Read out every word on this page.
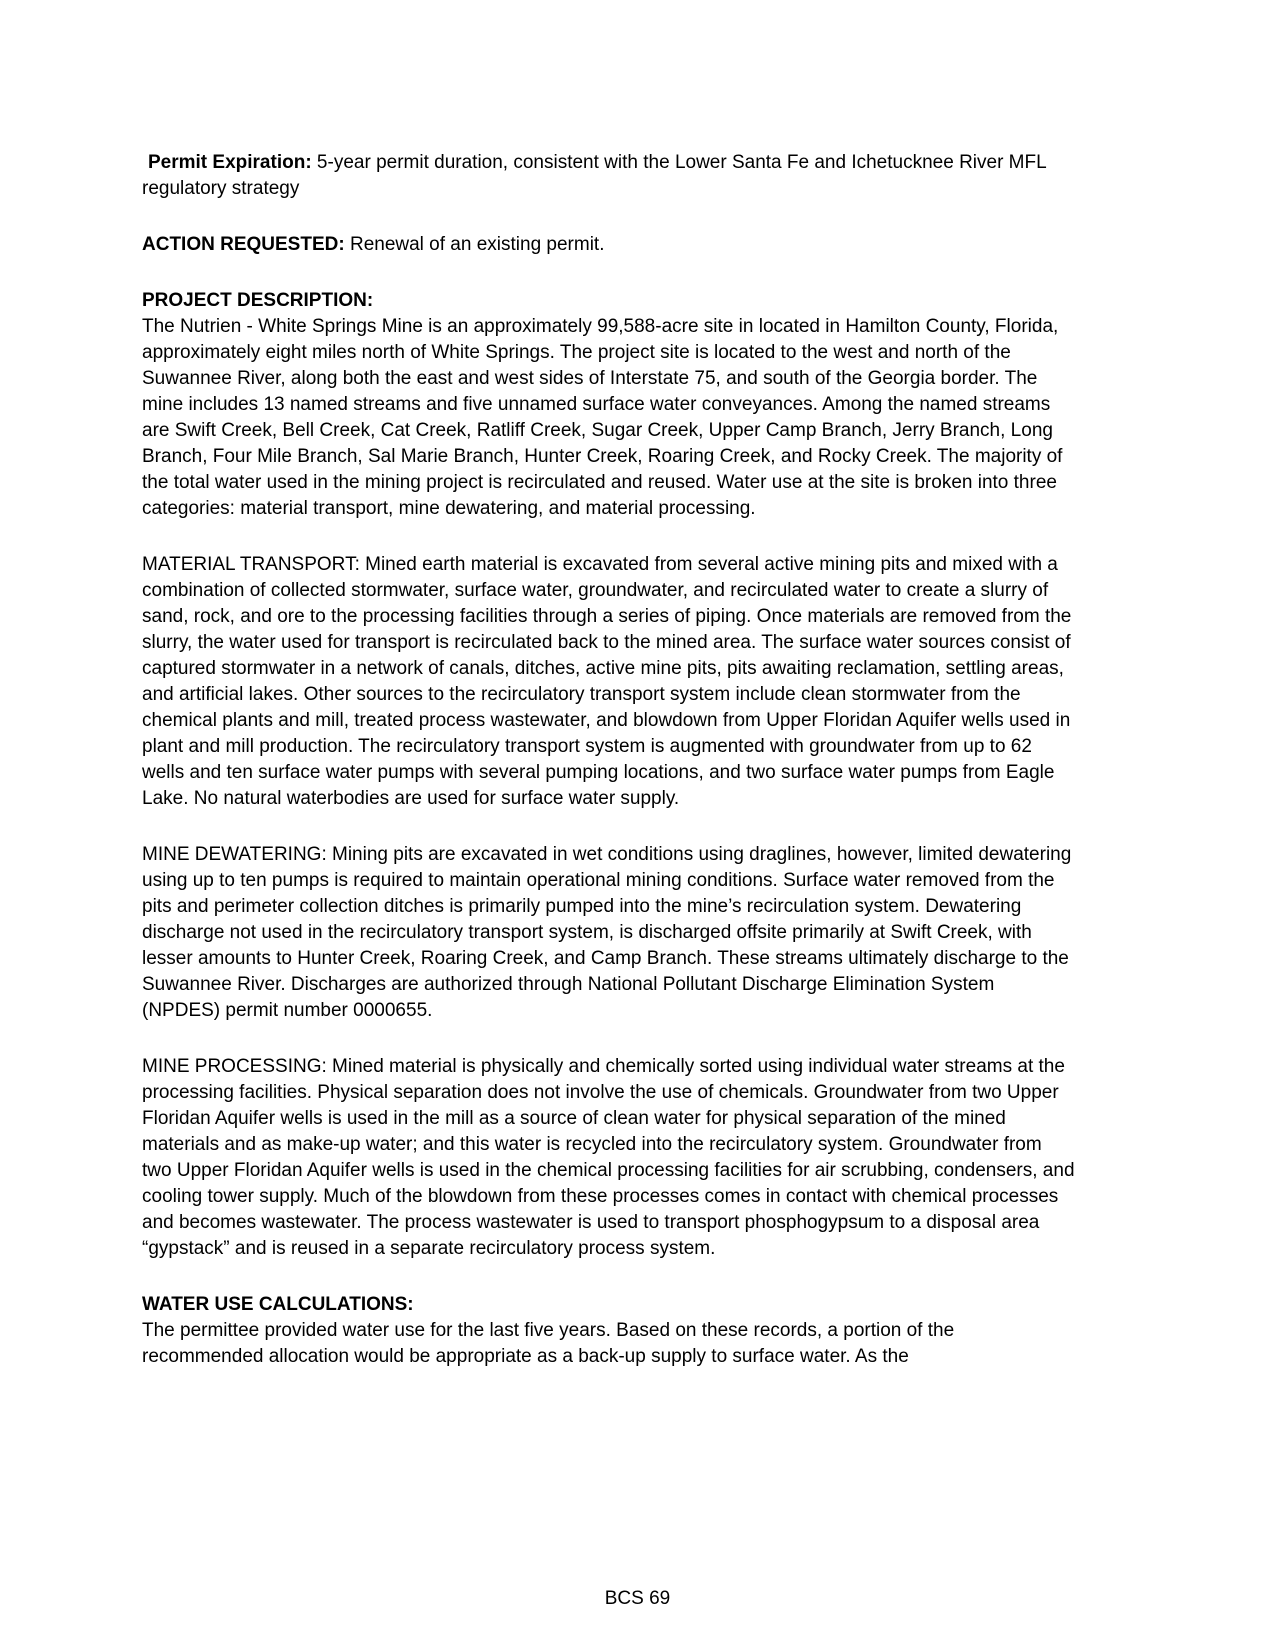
Permit Expiration: 5-year permit duration, consistent with the Lower Santa Fe and Ichetucknee River MFL regulatory strategy

ACTION REQUESTED: Renewal of an existing permit.

PROJECT DESCRIPTION:

The Nutrien - White Springs Mine is an approximately 99,588-acre site in located in Hamilton County, Florida, approximately eight miles north of White Springs. The project site is located to the west and north of the Suwannee River, along both the east and west sides of Interstate 75, and south of the Georgia border. The mine includes 13 named streams and five unnamed surface water conveyances. Among the named streams are Swift Creek, Bell Creek, Cat Creek, Ratliff Creek, Sugar Creek, Upper Camp Branch, Jerry Branch, Long Branch, Four Mile Branch, Sal Marie Branch, Hunter Creek, Roaring Creek, and Rocky Creek. The majority of the total water used in the mining project is recirculated and reused. Water use at the site is broken into three categories: material transport, mine dewatering, and material processing.

MATERIAL TRANSPORT: Mined earth material is excavated from several active mining pits and mixed with a combination of collected stormwater, surface water, groundwater, and recirculated water to create a slurry of sand, rock, and ore to the processing facilities through a series of piping. Once materials are removed from the slurry, the water used for transport is recirculated back to the mined area. The surface water sources consist of captured stormwater in a network of canals, ditches, active mine pits, pits awaiting reclamation, settling areas, and artificial lakes. Other sources to the recirculatory transport system include clean stormwater from the chemical plants and mill, treated process wastewater, and blowdown from Upper Floridan Aquifer wells used in plant and mill production. The recirculatory transport system is augmented with groundwater from up to 62 wells and ten surface water pumps with several pumping locations, and two surface water pumps from Eagle Lake. No natural waterbodies are used for surface water supply.

MINE DEWATERING: Mining pits are excavated in wet conditions using draglines, however, limited dewatering using up to ten pumps is required to maintain operational mining conditions. Surface water removed from the pits and perimeter collection ditches is primarily pumped into the mine’s recirculation system. Dewatering discharge not used in the recirculatory transport system, is discharged offsite primarily at Swift Creek, with lesser amounts to Hunter Creek, Roaring Creek, and Camp Branch. These streams ultimately discharge to the Suwannee River. Discharges are authorized through National Pollutant Discharge Elimination System (NPDES) permit number 0000655.

MINE PROCESSING: Mined material is physically and chemically sorted using individual water streams at the processing facilities. Physical separation does not involve the use of chemicals. Groundwater from two Upper Floridan Aquifer wells is used in the mill as a source of clean water for physical separation of the mined materials and as make-up water; and this water is recycled into the recirculatory system. Groundwater from two Upper Floridan Aquifer wells is used in the chemical processing facilities for air scrubbing, condensers, and cooling tower supply. Much of the blowdown from these processes comes in contact with chemical processes and becomes wastewater. The process wastewater is used to transport phosphogypsum to a disposal area “gypstack” and is reused in a separate recirculatory process system.

WATER USE CALCULATIONS:

The permittee provided water use for the last five years. Based on these records, a portion of the recommended allocation would be appropriate as a back-up supply to surface water. As the

BCS 69
